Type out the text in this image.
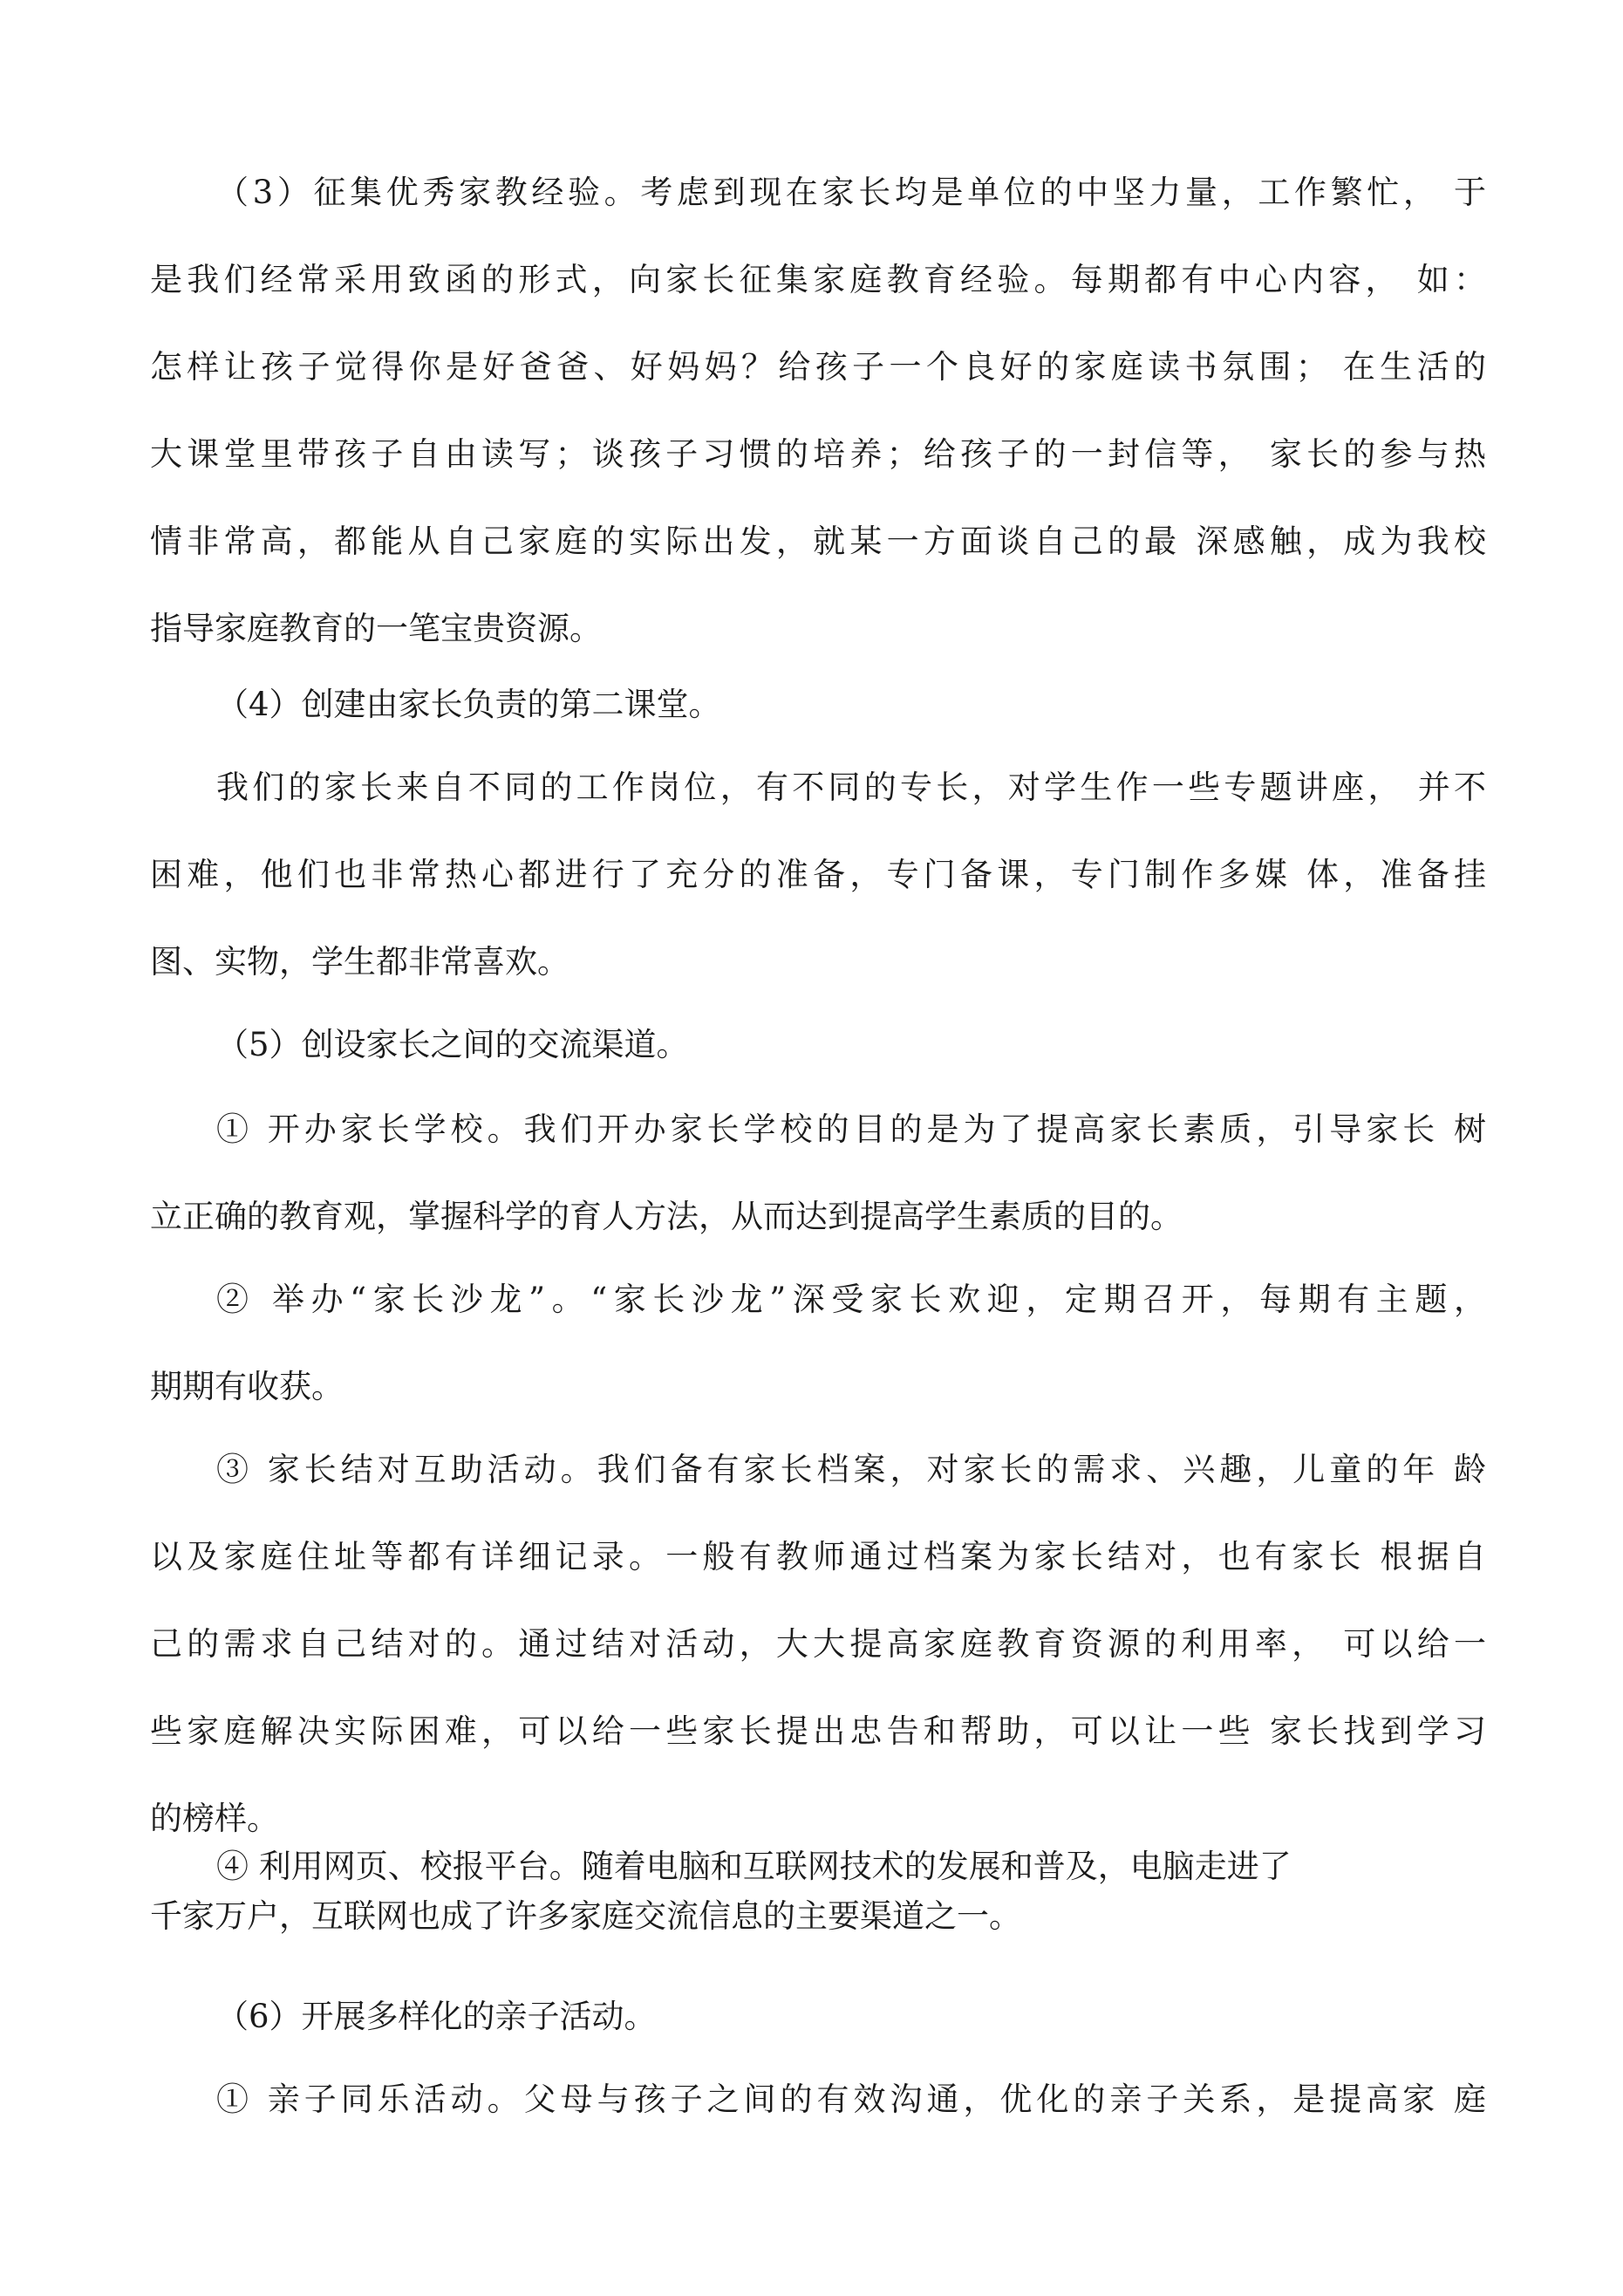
（3）征集优秀家教经验。考虑到现在家长均是单位的中坚力量，工作繁忙， 于
是我们经常采用致函的形式，向家长征集家庭教育经验。每期都有中心内容， 如：
怎样让孩子觉得你是好爸爸、好妈妈？给孩子一个良好的家庭读书氛围； 在生活的
大课堂里带孩子自由读写；谈孩子习惯的培养；给孩子的一封信等， 家长的参与热
情非常高，都能从自己家庭的实际出发，就某一方面谈自己的最 深感触，成为我校
指导家庭教育的一笔宝贵资源。
（4）创建由家长负责的第二课堂。
我们的家长来自不同的工作岗位，有不同的专长，对学生作一些专题讲座， 并不
困难，他们也非常热心都进行了充分的准备，专门备课，专门制作多媒 体，准备挂
图、实物，学生都非常喜欢。
（5）创设家长之间的交流渠道。
① 开办家长学校。我们开办家长学校的目的是为了提高家长素质，引导家长 树
立正确的教育观，掌握科学的育人方法，从而达到提高学生素质的目的。
② 举办“家长沙龙”。“家长沙龙”深受家长欢迎，定期召开，每期有主题，
期期有收获。
③ 家长结对互助活动。我们备有家长档案，对家长的需求、兴趣，儿童的年 龄
以及家庭住址等都有详细记录。一般有教师通过档案为家长结对，也有家长 根据自
己的需求自己结对的。通过结对活动，大大提高家庭教育资源的利用率， 可以给一
些家庭解决实际困难，可以给一些家长提出忠告和帮助，可以让一些 家长找到学习
的榜样。
④ 利用网页、校报平台。随着电脑和互联网技术的发展和普及，电脑走进了
千家万户，互联网也成了许多家庭交流信息的主要渠道之一。
（6）开展多样化的亲子活动。
① 亲子同乐活动。父母与孩子之间的有效沟通，优化的亲子关系，是提高家 庭
